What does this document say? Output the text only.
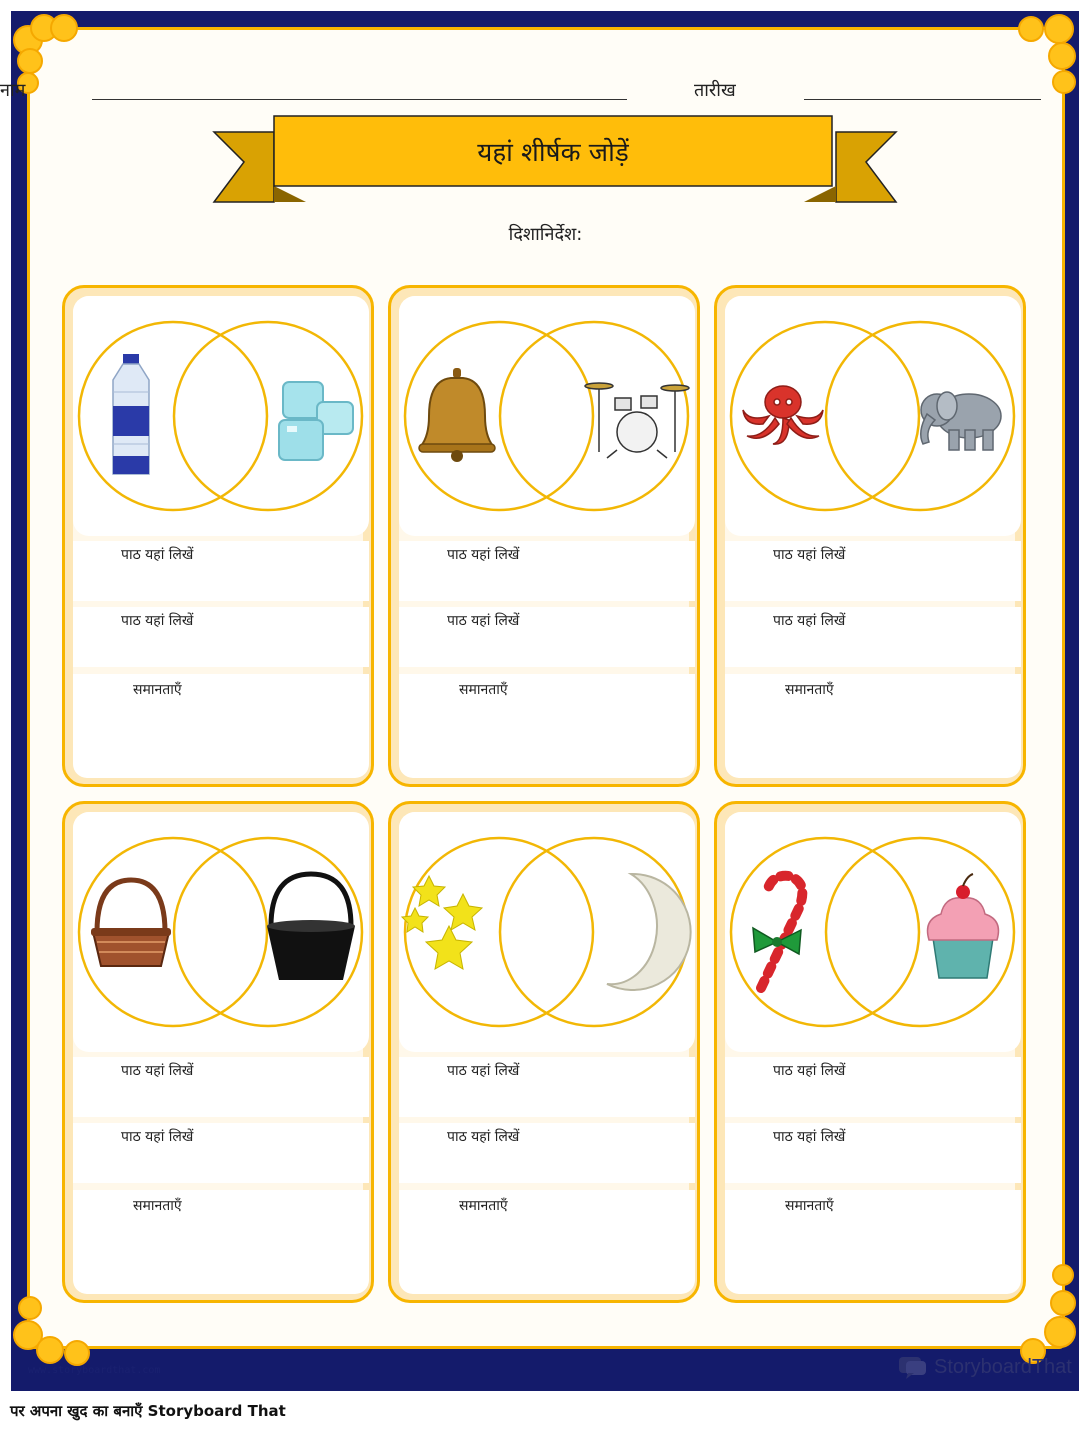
नाम	तारीख
यहां शीर्षक जोड़ें
दिशानिर्देश:
पाठ यहां लिखें
पाठ यहां लिखें
समानताएँ
पाठ यहां लिखें
पाठ यहां लिखें
समानताएँ
पाठ यहां लिखें
पाठ यहां लिखें
समानताएँ
पाठ यहां लिखें
पाठ यहां लिखें
समानताएँ
पाठ यहां लिखें
पाठ यहां लिखें
समानताएँ
पाठ यहां लिखें
पाठ यहां लिखें
समानताएँ
www.storyboardthat.com	StoryboardThat
पर अपना खुद का बनाएँ Storyboard That
